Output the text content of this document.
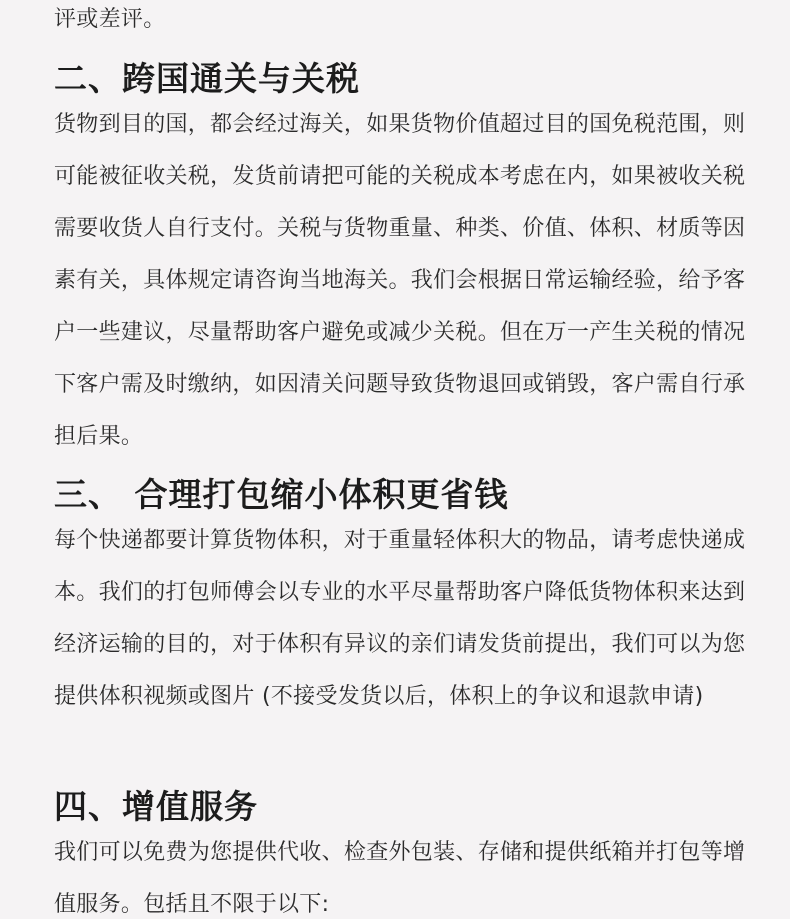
评或差评。
二、跨国通关与关税
货物到目的国，都会经过海关，如果货物价值超过目的国免税范围，则可能被征收关税，发货前请把可能的关税成本考虑在内，如果被收关税需要收货人自行支付。关税与货物重量、种类、价值、体积、材质等因素有关，具体规定请咨询当地海关。我们会根据日常运输经验，给予客户一些建议，尽量帮助客户避免或减少关税。但在万一产生关税的情况下客户需及时缴纳，如因清关问题导致货物退回或销毁，客户需自行承担后果。
三、 合理打包缩小体积更省钱
每个快递都要计算货物体积，对于重量轻体积大的物品，请考虑快递成本。我们的打包师傅会以专业的水平尽量帮助客户降低货物体积来达到经济运输的目的，对于体积有异议的亲们请发货前提出，我们可以为您提供体积视频或图片 (不接受发货以后，体积上的争议和退款申请)
四、增值服务
我们可以免费为您提供代收、检查外包装、存储和提供纸箱并打包等增值服务。包括且不限于以下:
